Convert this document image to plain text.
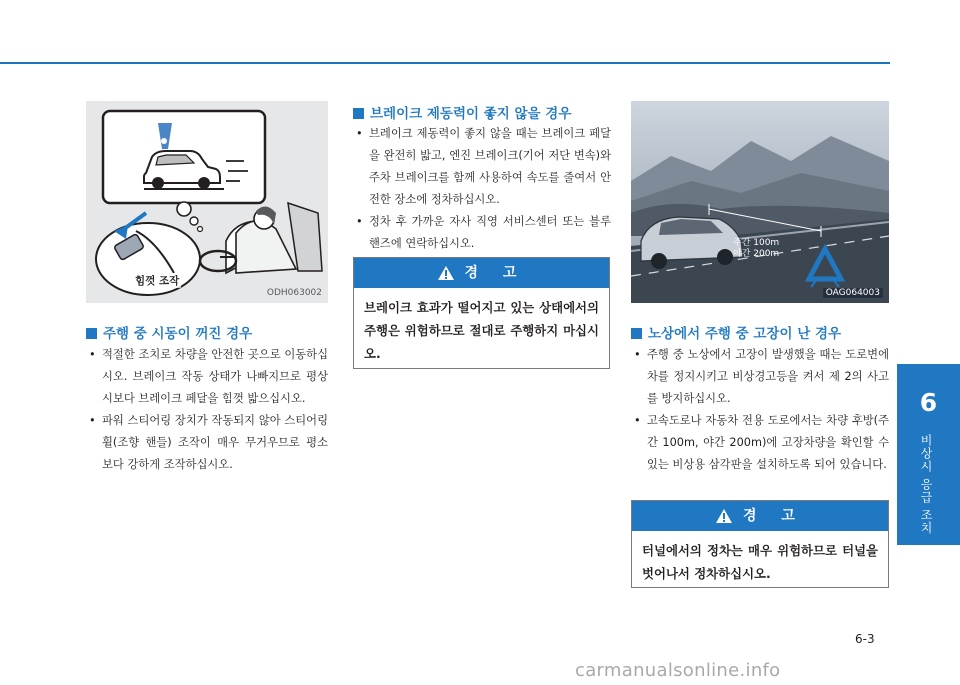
6
비상시 응급 조치
힘껏 조작
ODH063002
주행 중 시동이 꺼진 경우
• 적절한 조치로 차량을 안전한 곳으로 이동하십시오. 브레이크 작동 상태가 나빠지므로 평상시보다 브레이크 페달을 힘껏 밟으십시오.
• 파워 스티어링 장치가 작동되지 않아 스티어링 휠(조향 핸들) 조작이 매우 무거우므로 평소 보다 강하게 조작하십시오.
브레이크 제동력이 좋지 않을 경우
• 브레이크 제동력이 좋지 않을 때는 브레이크 페달을 완전히 밟고, 엔진 브레이크(기어 저단 변속)와 주차 브레이크를 함께 사용하여 속도를 줄여서 안전한 장소에 정차하십시오.
• 정차 후 가까운 자사 직영 서비스센터 또는 블루핸즈에 연락하십시오.
경 고
브레이크 효과가 떨어지고 있는 상태에서의 주행은 위험하므로 절대로 주행하지 마십시오.
주간 100m
야간 200m
OAG064003
노상에서 주행 중 고장이 난 경우
• 주행 중 노상에서 고장이 발생했을 때는 도로변에 차를 정지시키고 비상경고등을 켜서 제 2의 사고를 방지하십시오.
• 고속도로나 자동차 전용 도로에서는 차량 후방(주간 100m, 야간 200m)에 고장차량을 확인할 수 있는 비상용 삼각판을 설치하도록 되어 있습니다.
경 고
터널에서의 정차는 매우 위험하므로 터널을 벗어나서 정차하십시오.
6-3
carmanualsonline.info
